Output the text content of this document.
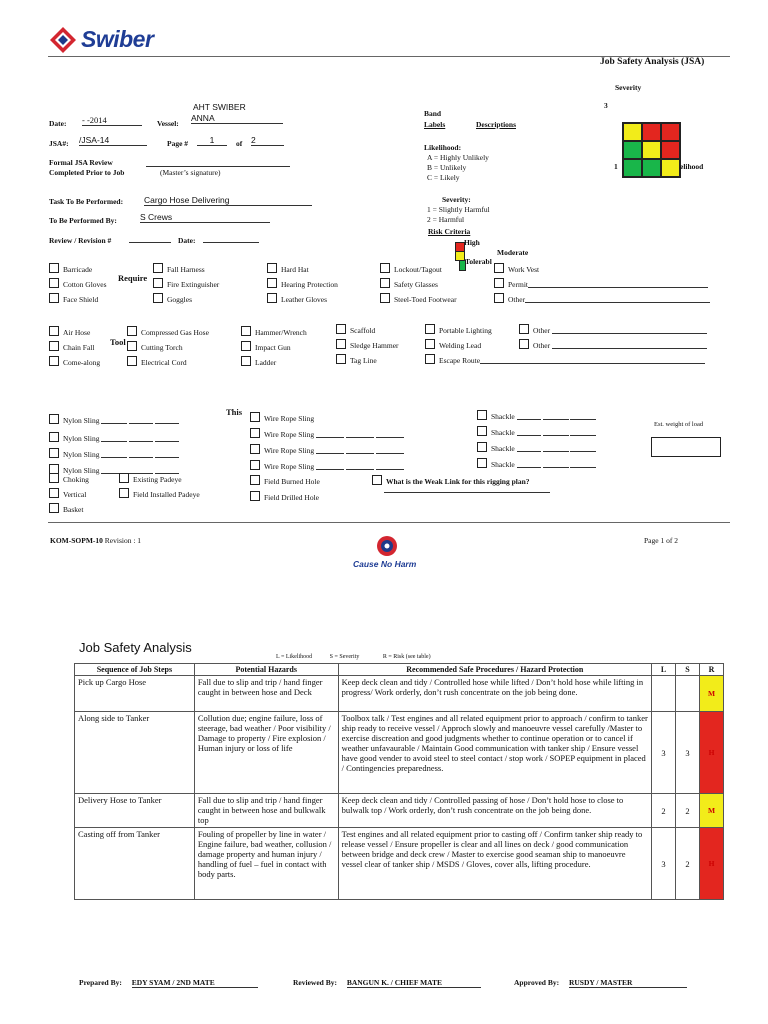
Swiber
Job Safety Analysis (JSA)
AHT SWIBER
Date: - -2014	Vessel:
ANNA
JSA#: /JSA-14	Page #	1	of 2
Formal JSA Review
Completed Prior to Job	(Master’s signature)
Task To Be Performed: Cargo Hose Delivering
To Be Performed By:	S Crews
Review / Revision #	Date:
Severity
3
Band
Labels	Descriptions
1	elihood
Likelihood:
A = Highly Unlikely
B = Unlikely
C = Likely
Severity:
1 = Slightly Harmful
2 = Harmful
Risk Criteria
High
Moderate
Tolerabl
Require
Barricade
Cotton Gloves
Face Shield
Fall Harness
Fire Extinguisher
Goggles
Hard Hat
Hearing Protection
Leather Gloves
Lockout/Tagout
Safety Glasses
Steel-Toed Footwear
Work Vest
Permit
Other
Tool
Air Hose
Chain Fall
Come-along
Compressed Gas Hose
Cutting Torch
Electrical Cord
Hammer/Wrench
Impact Gun
Ladder
Scaffold
Sledge Hammer
Tag Line
Portable Lighting
Welding Lead
Escape Route
Other
Other
This
Nylon Sling
Nylon Sling
Nylon Sling
Nylon Sling
Choking
Vertical
Basket
Existing Padeye
Field Installed Padeye
Wire Rope Sling
Wire Rope Sling
Wire Rope Sling
Wire Rope Sling
Field Burned Hole
Field Drilled Hole
Shackle
Shackle
Shackle
Shackle
What is the Weak Link for this rigging plan?
Est. weight of load
KOM-SOPM-10 Revision : 1	Page 1 of 2
Cause No Harm
Job Safety Analysis
L = Likelihood	S = Severity	R = Risk (see table)
Sequence of Job Steps	Potential Hazards	Recommended Safe Procedures / Hazard Protection	L	S	R
Pick up Cargo Hose	Fall due to slip and trip / hand finger caught in between hose and Deck	Keep deck clean and tidy / Controlled hose while lifted / Don’t hold hose while lifting in progress/ Work orderly, don’t rush concentrate on the job being done.			M
Along side to Tanker	Collution due; engine failure, loss of steerage, bad weather / Poor visibility / Damage to property / Fire explosion / Human injury or loss of life	Toolbox talk / Test engines and all related equipment prior to approach / confirm to tanker ship ready to receive vessel / Approch slowly and manoeuvre vessel carefully /Master to exercise discreation and good judgments whether to continue operation or to cancel if weather unfavaurable / Maintain Good communication with tanker ship / Ensure vessel have good vender to avoid steel to steel contact / stop work / SOPEP equipment in placed / Contingencies preparedness.	3	3	H
Delivery Hose to Tanker	Fall due to slip and trip / hand finger caught in between hose and bulkwalk top	Keep deck clean and tidy / Controlled passing of hose / Don’t hold hose to close to bulwalk top / Work orderly, don’t rush concentrate on the job being done.	2	2	M
Casting off from Tanker	Fouling of propeller by line in water / Engine failure, bad weather, collusion / damage property and human injury / handling of fuel – fuel in contact with body parts.	Test engines and all related equipment prior to casting off / Confirm tanker ship ready to release vessel / Ensure propeller is clear and all lines on deck / good communication between bridge and deck crew / Master to exercise good seaman ship to manoeuvre vessel clear of tanker ship / MSDS / Gloves, cover alls, lifting procedure.	3	2	H
Prepared By: EDY SYAM / 2ND MATE	Reviewed By: BANGUN K. / CHIEF MATE	Approved By: RUSDY / MASTER
